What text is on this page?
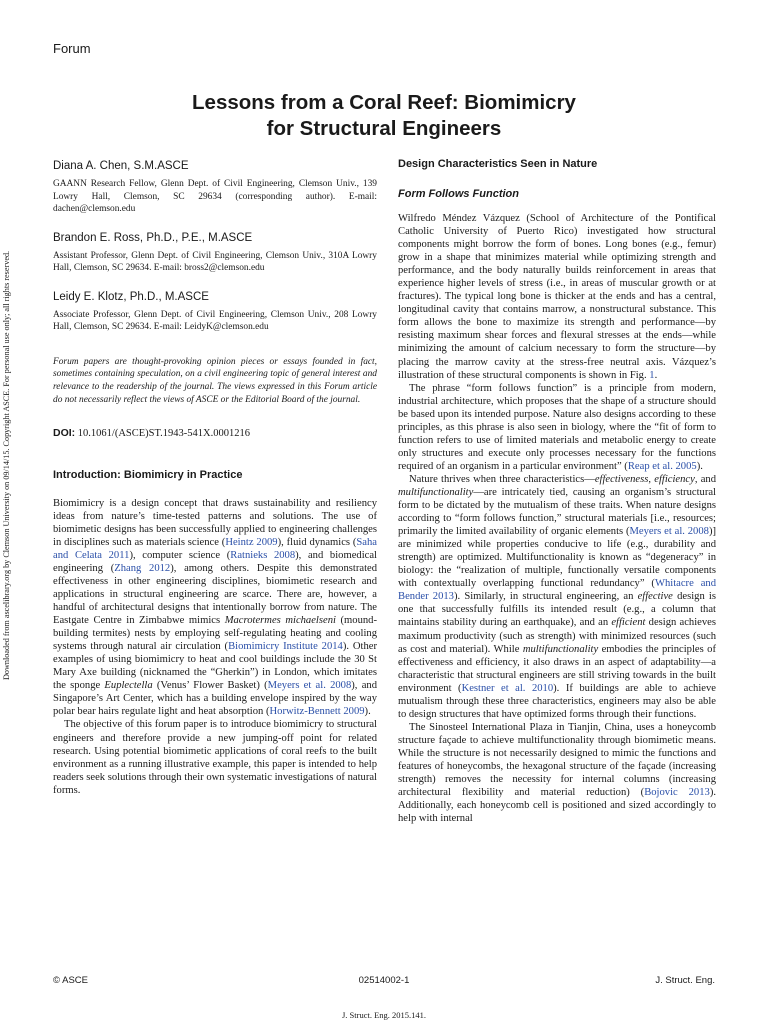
Downloaded from ascelibrary.org by Clemson University on 09/14/15. Copyright ASCE. For personal use only; all rights reserved.
Forum
Lessons from a Coral Reef: Biomimicry
for Structural Engineers
Diana A. Chen, S.M.ASCE
GAANN Research Fellow, Glenn Dept. of Civil Engineering, Clemson Univ., 139 Lowry Hall, Clemson, SC 29634 (corresponding author). E-mail: dachen@clemson.edu
Brandon E. Ross, Ph.D., P.E., M.ASCE
Assistant Professor, Glenn Dept. of Civil Engineering, Clemson Univ., 310A Lowry Hall, Clemson, SC 29634. E-mail: bross2@clemson.edu
Leidy E. Klotz, Ph.D., M.ASCE
Associate Professor, Glenn Dept. of Civil Engineering, Clemson Univ., 208 Lowry Hall, Clemson, SC 29634. E-mail: LeidyK@clemson.edu
Forum papers are thought-provoking opinion pieces or essays founded in fact, sometimes containing speculation, on a civil engineering topic of general interest and relevance to the readership of the journal. The views expressed in this Forum article do not necessarily reflect the views of ASCE or the Editorial Board of the journal.
DOI: 10.1061/(ASCE)ST.1943-541X.0001216
Introduction: Biomimicry in Practice

Biomimicry is a design concept that draws sustainability and resiliency ideas from nature’s time-tested patterns and solutions. The use of biomimetic designs has been successfully applied to engineering challenges in disciplines such as materials science (Heintz 2009), fluid dynamics (Saha and Celata 2011), computer science (Ratnieks 2008), and biomedical engineering (Zhang 2012), among others. Despite this demonstrated effectiveness in other engineering disciplines, biomimetic research and applications in structural engineering are scarce. There are, however, a handful of architectural designs that intentionally borrow from nature. The Eastgate Centre in Zimbabwe mimics Macrotermes michaelseni (mound-building termites) nests by employing self-regulating heating and cooling systems through natural air circulation (Biomimicry Institute 2014). Other examples of using biomimicry to heat and cool buildings include the 30 St Mary Axe building (nicknamed the “Gherkin”) in London, which imitates the sponge Euplectella (Venus’ Flower Basket) (Meyers et al. 2008), and Singapore’s Art Center, which has a building envelope inspired by the way polar bear hairs regulate light and heat absorption (Horwitz-Bennett 2009).

The objective of this forum paper is to introduce biomimicry to structural engineers and therefore provide a new jumping-off point for related research. Using potential biomimetic applications of coral reefs to the built environment as a running illustrative example, this paper is intended to help readers seek solutions through their own systematic investigations of natural forms.

Design Characteristics Seen in Nature
Form Follows Function

Wilfredo Méndez Vázquez (School of Architecture of the Pontifical Catholic University of Puerto Rico) investigated how structural components might borrow the form of bones. Long bones (e.g., femur) grow in a shape that minimizes material while optimizing strength and performance, and the body naturally builds reinforcement in areas that experience higher levels of stress (i.e., in areas of muscular growth or at fractures). The typical long bone is thicker at the ends and has a central, longitudinal cavity that contains marrow, a nonstructural substance. This form allows the bone to maximize its strength and performance—by resisting maximum shear forces and flexural stresses at the ends—while minimizing the amount of calcium necessary to form the structure—by placing the marrow cavity at the stress-free neutral axis. Vázquez’s illustration of these structural components is shown in Fig. 1.

The phrase “form follows function” is a principle from modern, industrial architecture, which proposes that the shape of a structure should be based upon its intended purpose. Nature also designs according to these principles, as this phrase is also seen in biology, where the “fit of form to function refers to use of limited materials and metabolic energy to create only structures and execute only processes necessary for the functions required of an organism in a particular environment” (Reap et al. 2005).

Nature thrives when three characteristics—effectiveness, efficiency, and multifunctionality—are intricately tied, causing an organism’s structural form to be dictated by the mutualism of these traits. When nature designs according to “form follows function,” structural materials [i.e., resources; primarily the limited availability of organic elements (Meyers et al. 2008)] are minimized while properties conducive to life (e.g., durability and strength) are optimized. Multifunctionality is known as “degeneracy” in biology: the “realization of multiple, functionally versatile components with contextually overlapping functional redundancy” (Whitacre and Bender 2013). Similarly, in structural engineering, an effective design is one that successfully fulfills its intended result (e.g., a column that maintains stability during an earthquake), and an efficient design achieves maximum productivity (such as strength) with minimized resources (such as cost and material). While multifunctionality embodies the principles of effectiveness and efficiency, it also draws in an aspect of adaptability—a characteristic that structural engineers are still striving towards in the built environment (Kestner et al. 2010). If buildings are able to achieve mutualism through these three characteristics, engineers may also be able to design structures that have optimized forms through their functions.

The Sinosteel International Plaza in Tianjin, China, uses a honeycomb structure façade to achieve multifunctionality through biomimetic means. While the structure is not necessarily designed to mimic the functions and features of honeycombs, the hexagonal structure of the façade (increasing strength) removes the necessity for internal columns (increasing architectural flexibility and material reduction) (Bojovic 2013). Additionally, each honeycomb cell is positioned and sized accordingly to help with internal

02514002-1
© ASCE	J. Struct. Eng.
J. Struct. Eng. 2015.141.
